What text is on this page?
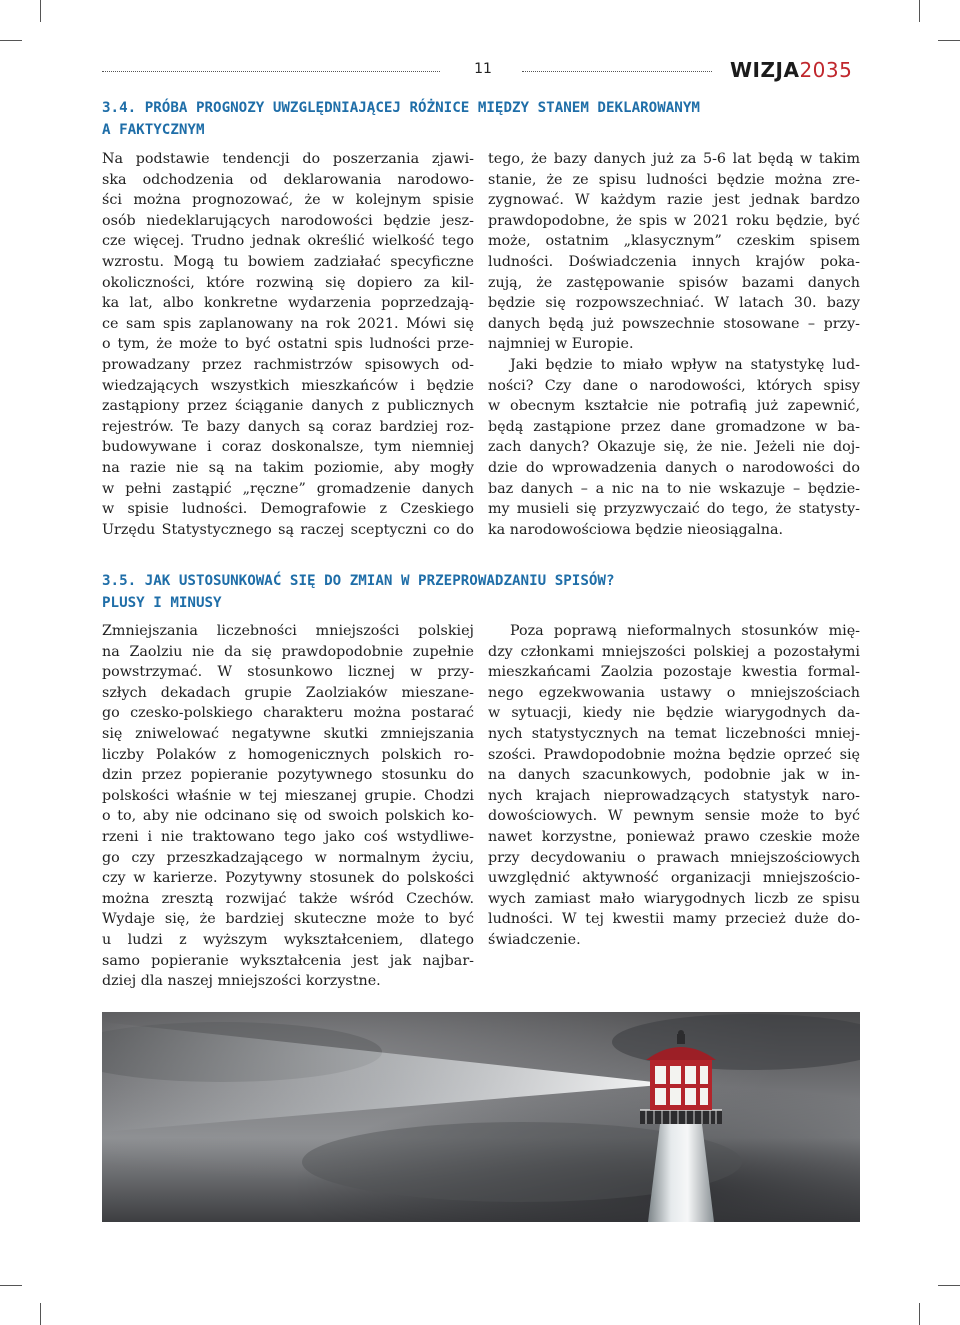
11	WIZJA2035
3.4. PRÓBA PROGNOZY UWZGLĘDNIAJĄCEJ RÓŻNICE MIĘDZY STANEM DEKLAROWANYM
A FAKTYCZNYM
Na podstawie tendencji do poszerzania zjawi-
ska odchodzenia od deklarowania narodowo-
ści można prognozować, że w kolejnym spisie
osób niedeklarujących narodowości będzie jesz-
cze więcej. Trudno jednak określić wielkość tego
wzrostu. Mogą tu bowiem zadziałać specyficzne
okoliczności, które rozwiną się dopiero za kil-
ka lat, albo konkretne wydarzenia poprzedzają-
ce sam spis zaplanowany na rok 2021. Mówi się
o tym, że może to być ostatni spis ludności prze-
prowadzany przez rachmistrzów spisowych od-
wiedzających wszystkich mieszkańców i będzie
zastąpiony przez ściąganie danych z publicznych
rejestrów. Te bazy danych są coraz bardziej roz-
budowywane i coraz doskonalsze, tym niemniej
na razie nie są na takim poziomie, aby mogły
w pełni zastąpić „ręczne” gromadzenie danych
w spisie ludności. Demografowie z Czeskiego
Urzędu Statystycznego są raczej sceptyczni co do
tego, że bazy danych już za 5-6 lat będą w takim
stanie, że ze spisu ludności będzie można zre-
zygnować. W każdym razie jest jednak bardzo
prawdopodobne, że spis w 2021 roku będzie, być
może, ostatnim „klasycznym” czeskim spisem
ludności. Doświadczenia innych krajów poka-
zują, że zastępowanie spisów bazami danych
będzie się rozpowszechniać. W latach 30. bazy
danych będą już powszechnie stosowane – przy-
najmniej w Europie.
Jaki będzie to miało wpływ na statystykę lud-
ności? Czy dane o narodowości, których spisy
w obecnym kształcie nie potrafią już zapewnić,
będą zastąpione przez dane gromadzone w ba-
zach danych? Okazuje się, że nie. Jeżeli nie doj-
dzie do wprowadzenia danych o narodowości do
baz danych – a nic na to nie wskazuje – będzie-
my musieli się przyzwyczaić do tego, że statysty-
ka narodowościowa będzie nieosiągalna.
3.5. JAK USTOSUNKOWAĆ SIĘ DO ZMIAN W PRZEPROWADZANIU SPISÓW?
PLUSY I MINUSY
Zmniejszania liczebności mniejszości polskiej
na Zaolziu nie da się prawdopodobnie zupełnie
powstrzymać. W stosunkowo licznej w przy-
szłych dekadach grupie Zaolziaków mieszane-
go czesko-polskiego charakteru można postarać
się zniwelować negatywne skutki zmniejszania
liczby Polaków z homogenicznych polskich ro-
dzin przez popieranie pozytywnego stosunku do
polskości właśnie w tej mieszanej grupie. Chodzi
o to, aby nie odcinano się od swoich polskich ko-
rzeni i nie traktowano tego jako coś wstydliwe-
go czy przeszkadzającego w normalnym życiu,
czy w karierze. Pozytywny stosunek do polskości
można zresztą rozwijać także wśród Czechów.
Wydaje się, że bardziej skuteczne może to być
u ludzi z wyższym wykształceniem, dlatego
samo popieranie wykształcenia jest jak najbar-
dziej dla naszej mniejszości korzystne.
Poza poprawą nieformalnych stosunków mię-
dzy członkami mniejszości polskiej a pozostałymi
mieszkańcami Zaolzia pozostaje kwestia formal-
nego egzekwowania ustawy o mniejszościach
w sytuacji, kiedy nie będzie wiarygodnych da-
nych statystycznych na temat liczebności mniej-
szości. Prawdopodobnie można będzie oprzeć się
na danych szacunkowych, podobnie jak w in-
nych krajach nieprowadzących statystyk naro-
dowościowych. W pewnym sensie może to być
nawet korzystne, ponieważ prawo czeskie może
przy decydowaniu o prawach mniejszościowych
uwzględnić aktywność organizacji mniejszościo-
wych zamiast mało wiarygodnych liczb ze spisu
ludności. W tej kwestii mamy przecież duże do-
świadczenie.
